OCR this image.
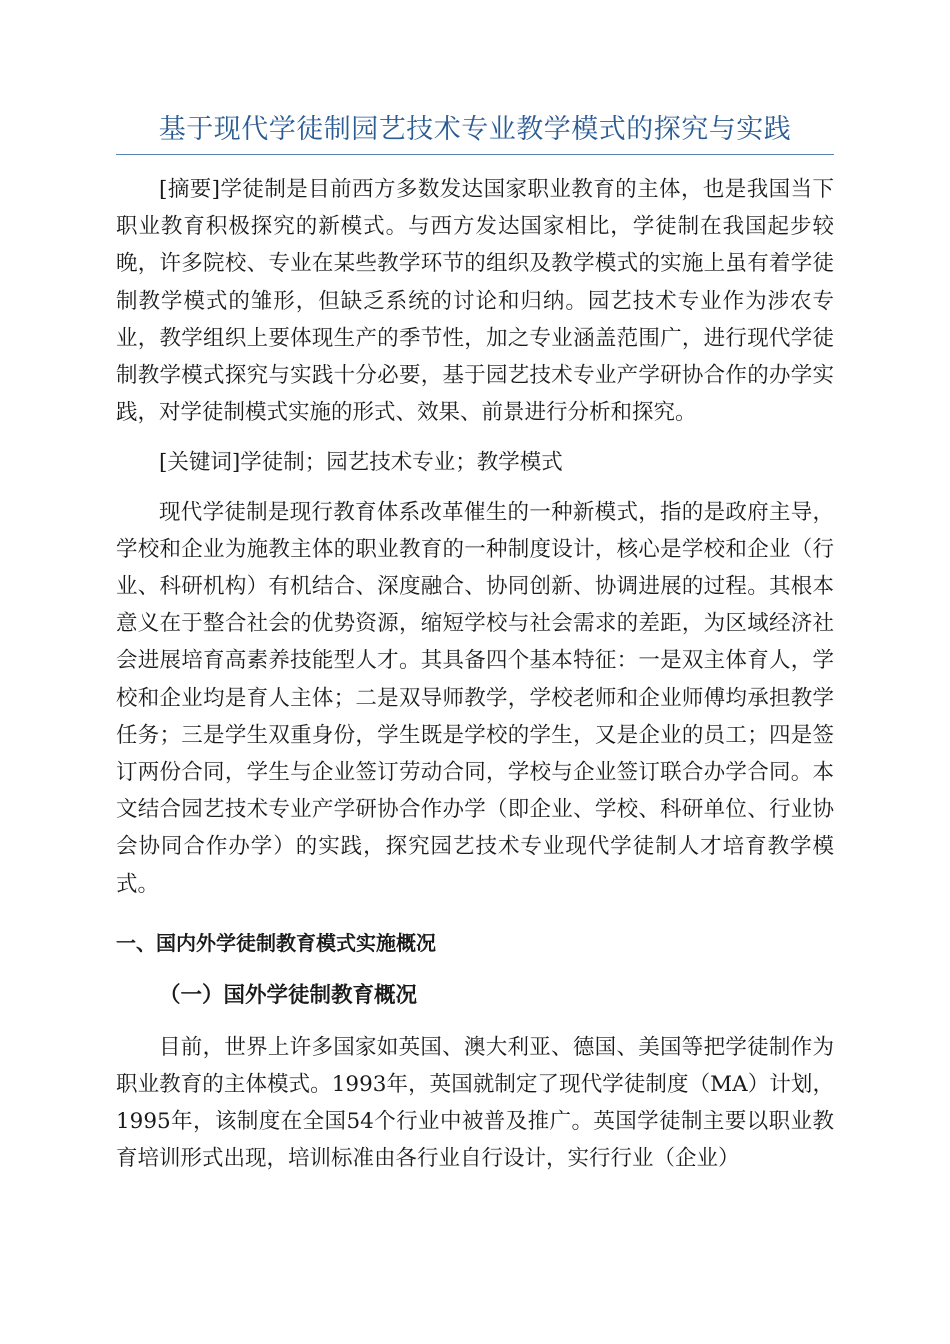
基于现代学徒制园艺技术专业教学模式的探究与实践

[摘要]学徒制是目前西方多数发达国家职业教育的主体，也是我国当下职业教育积极探究的新模式。与西方发达国家相比，学徒制在我国起步较晚，许多院校、专业在某些教学环节的组织及教学模式的实施上虽有着学徒制教学模式的雏形，但缺乏系统的讨论和归纳。园艺技术专业作为涉农专业，教学组织上要体现生产的季节性，加之专业涵盖范围广，进行现代学徒制教学模式探究与实践十分必要，基于园艺技术专业产学研协合作的办学实践，对学徒制模式实施的形式、效果、前景进行分析和探究。

[关键词]学徒制；园艺技术专业；教学模式

现代学徒制是现行教育体系改革催生的一种新模式，指的是政府主导，学校和企业为施教主体的职业教育的一种制度设计，核心是学校和企业（行业、科研机构）有机结合、深度融合、协同创新、协调进展的过程。其根本意义在于整合社会的优势资源，缩短学校与社会需求的差距，为区域经济社会进展培育高素养技能型人才。其具备四个基本特征：一是双主体育人，学校和企业均是育人主体；二是双导师教学，学校老师和企业师傅均承担教学任务；三是学生双重身份，学生既是学校的学生，又是企业的员工；四是签订两份合同，学生与企业签订劳动合同，学校与企业签订联合办学合同。本文结合园艺技术专业产学研协合作办学（即企业、学校、科研单位、行业协会协同合作办学）的实践，探究园艺技术专业现代学徒制人才培育教学模式。

一、国内外学徒制教育模式实施概况
（一）国外学徒制教育概况

目前，世界上许多国家如英国、澳大利亚、德国、美国等把学徒制作为职业教育的主体模式。1993年，英国就制定了现代学徒制度（MA）计划，1995年，该制度在全国54个行业中被普及推广。英国学徒制主要以职业教育培训形式出现，培训标准由各行业自行设计，实行行业（企业）
